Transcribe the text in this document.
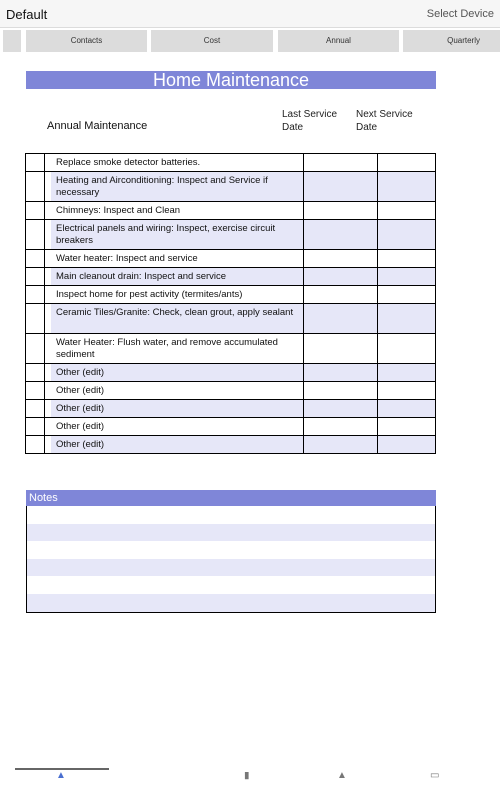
Default	Select Device
Contacts	Cost	Annual	Quarterly
Home Maintenance
Annual Maintenance
Last Service Date
Next Service Date
Replace smoke detector batteries.
Heating and Airconditioning: Inspect and Service if necessary
Chimneys: Inspect and Clean
Electrical panels and wiring: Inspect, exercise circuit breakers
Water heater: Inspect and service
Main cleanout drain: Inspect and service
Inspect home for pest activity (termites/ants)
Ceramic Tiles/Granite: Check, clean grout, apply sealant
Water Heater: Flush water, and remove accumulated sediment
Other (edit)
Other (edit)
Other (edit)
Other (edit)
Other (edit)
Notes
▲	▮	▲	▭
